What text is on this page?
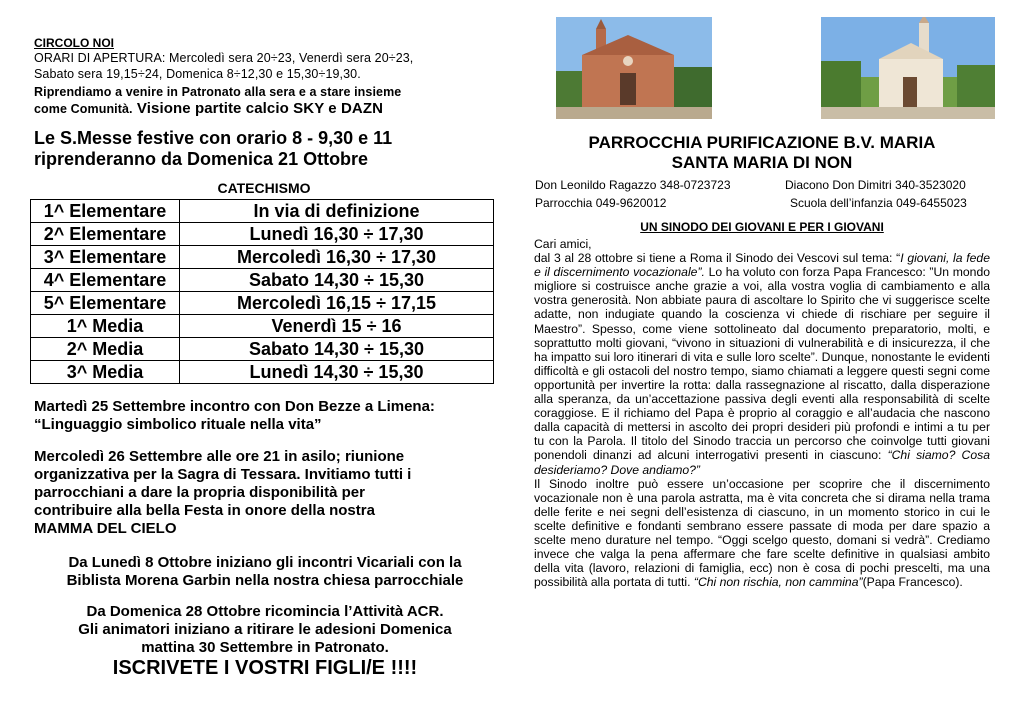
CIRCOLO NOI
ORARI DI APERTURA: Mercoledì sera 20÷23, Venerdì sera 20÷23,
Sabato sera 19,15÷24, Domenica 8÷12,30 e 15,30÷19,30.
Riprendiamo a venire in Patronato alla sera e a stare insieme
come Comunità. Visione partite calcio SKY e DAZN
Le S.Messe festive con orario 8 - 9,30 e 11
riprenderanno da Domenica 21 Ottobre
CATECHISMO
1^ Elementare	In via di definizione
2^ Elementare	Lunedì 16,30 ÷ 17,30
3^ Elementare	Mercoledì 16,30 ÷ 17,30
4^ Elementare	Sabato 14,30 ÷ 15,30
5^ Elementare	Mercoledì 16,15 ÷ 17,15
1^ Media	Venerdì 15 ÷ 16
2^ Media	Sabato 14,30 ÷ 15,30
3^ Media	Lunedì 14,30 ÷ 15,30
Martedì 25 Settembre incontro con Don Bezze a Limena:
“Linguaggio simbolico rituale nella vita”
Mercoledì 26 Settembre alle ore 21 in asilo; riunione
organizzativa per la Sagra di Tessara. Invitiamo tutti i
parrocchiani a dare la propria disponibilità per
contribuire alla bella Festa in onore della nostra
MAMMA DEL CIELO
Da Lunedì 8 Ottobre iniziano gli incontri Vicariali con la
Biblista Morena Garbin nella nostra chiesa parrocchiale
Da Domenica 28 Ottobre ricomincia l’Attività ACR.
Gli animatori iniziano a ritirare le adesioni Domenica
mattina 30 Settembre in Patronato.
ISCRIVETE I VOSTRI FIGLI/E !!!!
PARROCCHIA PURIFICAZIONE B.V. MARIA
SANTA MARIA DI NON
Don Leonildo Ragazzo 348-0723723	Diacono Don Dimitri 340-3523020
Parrocchia 049-9620012	Scuola dell’infanzia 049-6455023
UN SINODO DEI GIOVANI E PER I GIOVANI

Cari amici,

dal 3 al 28 ottobre si tiene a Roma il Sinodo dei Vescovi sul tema: “I giovani, la fede e il discernimento vocazionale”. Lo ha voluto con forza Papa Francesco: ”Un mondo migliore si costruisce anche grazie a voi, alla vostra voglia di cambiamento e alla vostra generosità. Non abbiate paura di ascoltare lo Spirito che vi suggerisce scelte adatte, non indugiate quando la coscienza vi chiede di rischiare per seguire il Maestro”. Spesso, come viene sottolineato dal documento preparatorio, molti, e soprattutto molti giovani, “vivono in situazioni di vulnerabilità e di insicurezza, il che ha impatto sui loro itinerari di vita e sulle loro scelte”. Dunque, nonostante le evidenti difficoltà e gli ostacoli del nostro tempo, siamo chiamati a leggere questi segni come opportunità per invertire la rotta: dalla rassegnazione al riscatto, dalla disperazione alla speranza, da un’accettazione passiva degli eventi alla responsabilità di scelte coraggiose. E il richiamo del Papa è proprio al coraggio e all’audacia che nascono dalla capacità di mettersi in ascolto dei propri desideri più profondi e intimi a tu per tu con la Parola. Il titolo del Sinodo traccia un percorso che coinvolge tutti giovani ponendoli dinanzi ad alcuni interrogativi presenti in ciascuno: “Chi siamo? Cosa desideriamo? Dove andiamo?”

Il Sinodo inoltre può essere un’occasione per scoprire che il discernimento vocazionale non è una parola astratta, ma è vita concreta che si dirama nella trama delle ferite e nei segni dell’esistenza di ciascuno, in un momento storico in cui le scelte definitive e fondanti sembrano essere passate di moda per dare spazio a scelte meno durature nel tempo. “Oggi scelgo questo, domani si vedrà”. Crediamo invece che valga la pena affermare che fare scelte definitive in qualsiasi ambito della vita (lavoro, relazioni di famiglia, ecc) non è cosa di pochi prescelti, ma una possibilità alla portata di tutti. “Chi non rischia, non cammina”(Papa Francesco).
